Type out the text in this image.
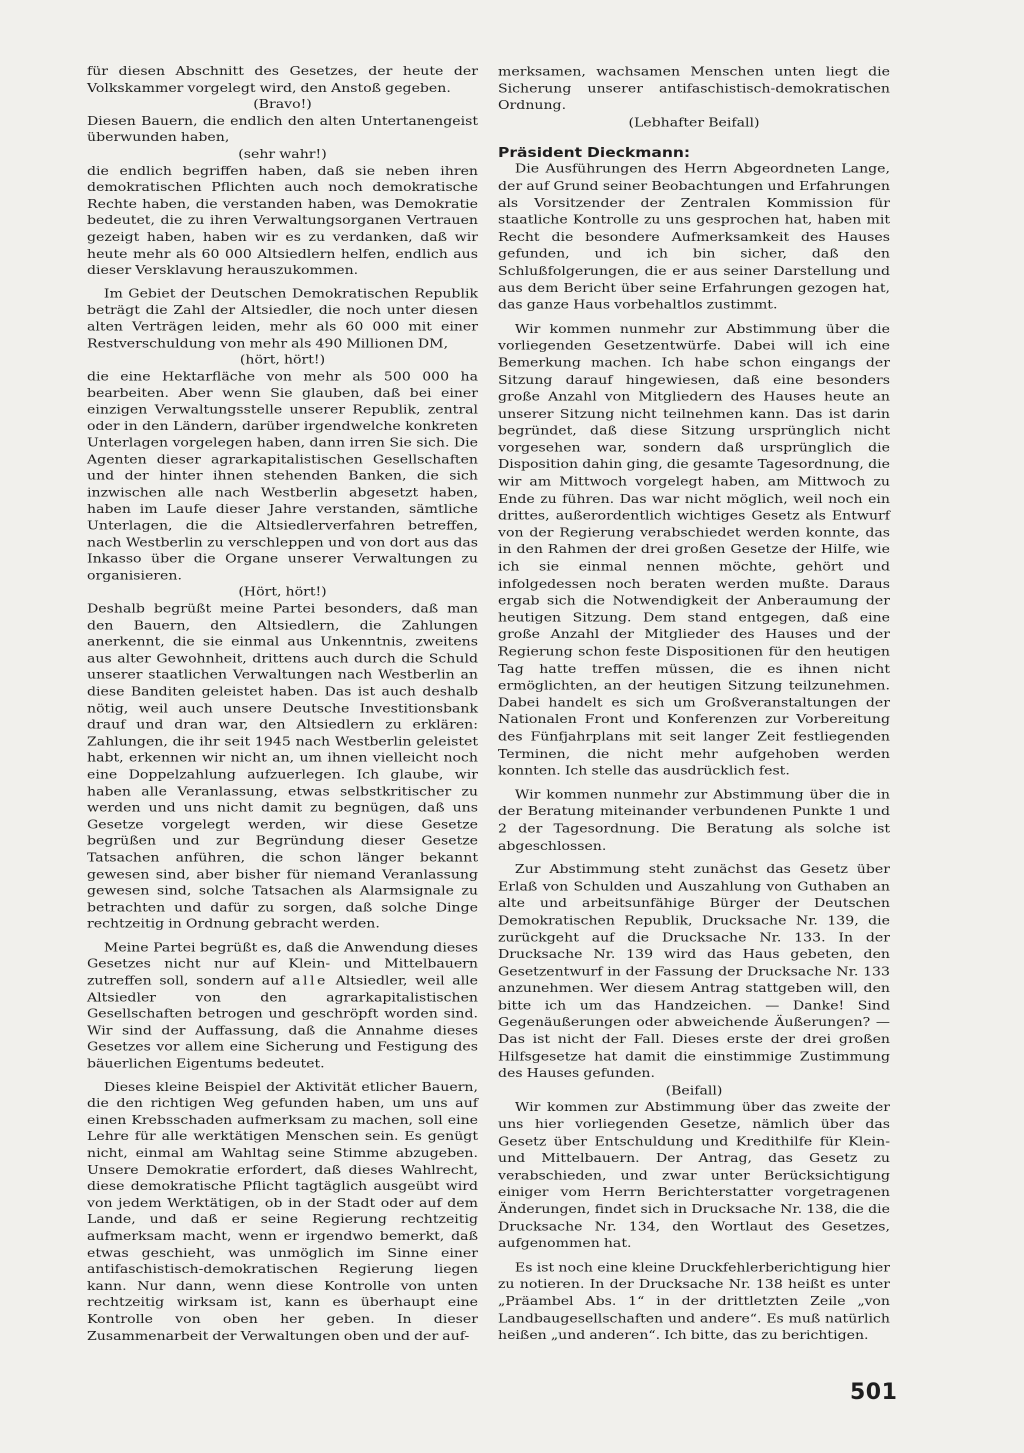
für diesen Abschnitt des Gesetzes, der heute der Volkskammer vorgelegt wird, den Anstoß gegeben.

(Bravo!)

Diesen Bauern, die endlich den alten Untertanengeist überwunden haben,

(sehr wahr!)

die endlich begriffen haben, daß sie neben ihren demokratischen Pflichten auch noch demokratische Rechte haben, die verstanden haben, was Demokratie bedeutet, die zu ihren Verwaltungsorganen Vertrauen gezeigt haben, haben wir es zu verdanken, daß wir heute mehr als 60 000 Altsiedlern helfen, endlich aus dieser Versklavung herauszukommen.

Im Gebiet der Deutschen Demokratischen Republik beträgt die Zahl der Altsiedler, die noch unter diesen alten Verträgen leiden, mehr als 60 000 mit einer Restverschuldung von mehr als 490 Millionen DM,

(hört, hört!)

die eine Hektarfläche von mehr als 500 000 ha bearbeiten. Aber wenn Sie glauben, daß bei einer einzigen Verwaltungsstelle unserer Republik, zentral oder in den Ländern, darüber irgendwelche konkreten Unterlagen vorgelegen haben, dann irren Sie sich. Die Agenten dieser agrarkapitalistischen Gesellschaften und der hinter ihnen stehenden Banken, die sich inzwischen alle nach Westberlin abgesetzt haben, haben im Laufe dieser Jahre verstanden, sämtliche Unterlagen, die die Altsiedlerverfahren betreffen, nach Westberlin zu verschleppen und von dort aus das Inkasso über die Organe unserer Verwaltungen zu organisieren.

(Hört, hört!)

Deshalb begrüßt meine Partei besonders, daß man den Bauern, den Altsiedlern, die Zahlungen anerkennt, die sie einmal aus Unkenntnis, zweitens aus alter Gewohnheit, drittens auch durch die Schuld unserer staatlichen Verwaltungen nach Westberlin an diese Banditen geleistet haben. Das ist auch deshalb nötig, weil auch unsere Deutsche Investitionsbank drauf und dran war, den Altsiedlern zu erklären: Zahlungen, die ihr seit 1945 nach Westberlin geleistet habt, erkennen wir nicht an, um ihnen vielleicht noch eine Doppelzahlung aufzuerlegen. Ich glaube, wir haben alle Veranlassung, etwas selbstkritischer zu werden und uns nicht damit zu begnügen, daß uns Gesetze vorgelegt werden, wir diese Gesetze begrüßen und zur Begründung dieser Gesetze Tatsachen anführen, die schon länger bekannt gewesen sind, aber bisher für niemand Veranlassung gewesen sind, solche Tatsachen als Alarmsignale zu betrachten und dafür zu sorgen, daß solche Dinge rechtzeitig in Ordnung gebracht werden.

Meine Partei begrüßt es, daß die Anwendung dieses Gesetzes nicht nur auf Klein- und Mittelbauern zutreffen soll, sondern auf alle Altsiedler, weil alle Altsiedler von den agrarkapitalistischen Gesellschaften betrogen und geschröpft worden sind. Wir sind der Auffassung, daß die Annahme dieses Gesetzes vor allem eine Sicherung und Festigung des bäuerlichen Eigentums bedeutet.

Dieses kleine Beispiel der Aktivität etlicher Bauern, die den richtigen Weg gefunden haben, um uns auf einen Krebsschaden aufmerksam zu machen, soll eine Lehre für alle werktätigen Menschen sein. Es genügt nicht, einmal am Wahltag seine Stimme abzugeben. Unsere Demokratie erfordert, daß dieses Wahlrecht, diese demokratische Pflicht tagtäglich ausgeübt wird von jedem Werktätigen, ob in der Stadt oder auf dem Lande, und daß er seine Regierung rechtzeitig aufmerksam macht, wenn er irgendwo bemerkt, daß etwas geschieht, was unmöglich im Sinne einer antifaschistisch-demokratischen Regierung liegen kann. Nur dann, wenn diese Kontrolle von unten rechtzeitig wirksam ist, kann es überhaupt eine Kontrolle von oben her geben. In dieser Zusammenarbeit der Verwaltungen oben und der auf-

merksamen, wachsamen Menschen unten liegt die Sicherung unserer antifaschistisch-demokratischen Ordnung.

(Lebhafter Beifall)

Präsident Dieckmann:

Die Ausführungen des Herrn Abgeordneten Lange, der auf Grund seiner Beobachtungen und Erfahrungen als Vorsitzender der Zentralen Kommission für staatliche Kontrolle zu uns gesprochen hat, haben mit Recht die besondere Aufmerksamkeit des Hauses gefunden, und ich bin sicher, daß den Schlußfolgerungen, die er aus seiner Darstellung und aus dem Bericht über seine Erfahrungen gezogen hat, das ganze Haus vorbehaltlos zustimmt.

Wir kommen nunmehr zur Abstimmung über die vorliegenden Gesetzentwürfe. Dabei will ich eine Bemerkung machen. Ich habe schon eingangs der Sitzung darauf hingewiesen, daß eine besonders große Anzahl von Mitgliedern des Hauses heute an unserer Sitzung nicht teilnehmen kann. Das ist darin begründet, daß diese Sitzung ursprünglich nicht vorgesehen war, sondern daß ursprünglich die Disposition dahin ging, die gesamte Tagesordnung, die wir am Mittwoch vorgelegt haben, am Mittwoch zu Ende zu führen. Das war nicht möglich, weil noch ein drittes, außerordentlich wichtiges Gesetz als Entwurf von der Regierung verabschiedet werden konnte, das in den Rahmen der drei großen Gesetze der Hilfe, wie ich sie einmal nennen möchte, gehört und infolgedessen noch beraten werden mußte. Daraus ergab sich die Notwendigkeit der Anberaumung der heutigen Sitzung. Dem stand entgegen, daß eine große Anzahl der Mitglieder des Hauses und der Regierung schon feste Dispositionen für den heutigen Tag hatte treffen müssen, die es ihnen nicht ermöglichten, an der heutigen Sitzung teilzunehmen. Dabei handelt es sich um Großveranstaltungen der Nationalen Front und Konferenzen zur Vorbereitung des Fünfjahrplans mit seit langer Zeit festliegenden Terminen, die nicht mehr aufgehoben werden konnten. Ich stelle das ausdrücklich fest.

Wir kommen nunmehr zur Abstimmung über die in der Beratung miteinander verbundenen Punkte 1 und 2 der Tagesordnung. Die Beratung als solche ist abgeschlossen.

Zur Abstimmung steht zunächst das Gesetz über Erlaß von Schulden und Auszahlung von Guthaben an alte und arbeitsunfähige Bürger der Deutschen Demokratischen Republik, Drucksache Nr. 139, die zurückgeht auf die Drucksache Nr. 133. In der Drucksache Nr. 139 wird das Haus gebeten, den Gesetzentwurf in der Fassung der Drucksache Nr. 133 anzunehmen. Wer diesem Antrag stattgeben will, den bitte ich um das Handzeichen. — Danke! Sind Gegenäußerungen oder abweichende Äußerungen? — Das ist nicht der Fall. Dieses erste der drei großen Hilfsgesetze hat damit die einstimmige Zustimmung des Hauses gefunden.

(Beifall)

Wir kommen zur Abstimmung über das zweite der uns hier vorliegenden Gesetze, nämlich über das Gesetz über Entschuldung und Kredithilfe für Klein- und Mittelbauern. Der Antrag, das Gesetz zu verabschieden, und zwar unter Berücksichtigung einiger vom Herrn Berichterstatter vorgetragenen Änderungen, findet sich in Drucksache Nr. 138, die die Drucksache Nr. 134, den Wortlaut des Gesetzes, aufgenommen hat.

Es ist noch eine kleine Druckfehlerberichtigung hier zu notieren. In der Drucksache Nr. 138 heißt es unter „Präambel Abs. 1“ in der drittletzten Zeile „von Landbaugesellschaften und andere“. Es muß natürlich heißen „und anderen“. Ich bitte, das zu berichtigen.

501
